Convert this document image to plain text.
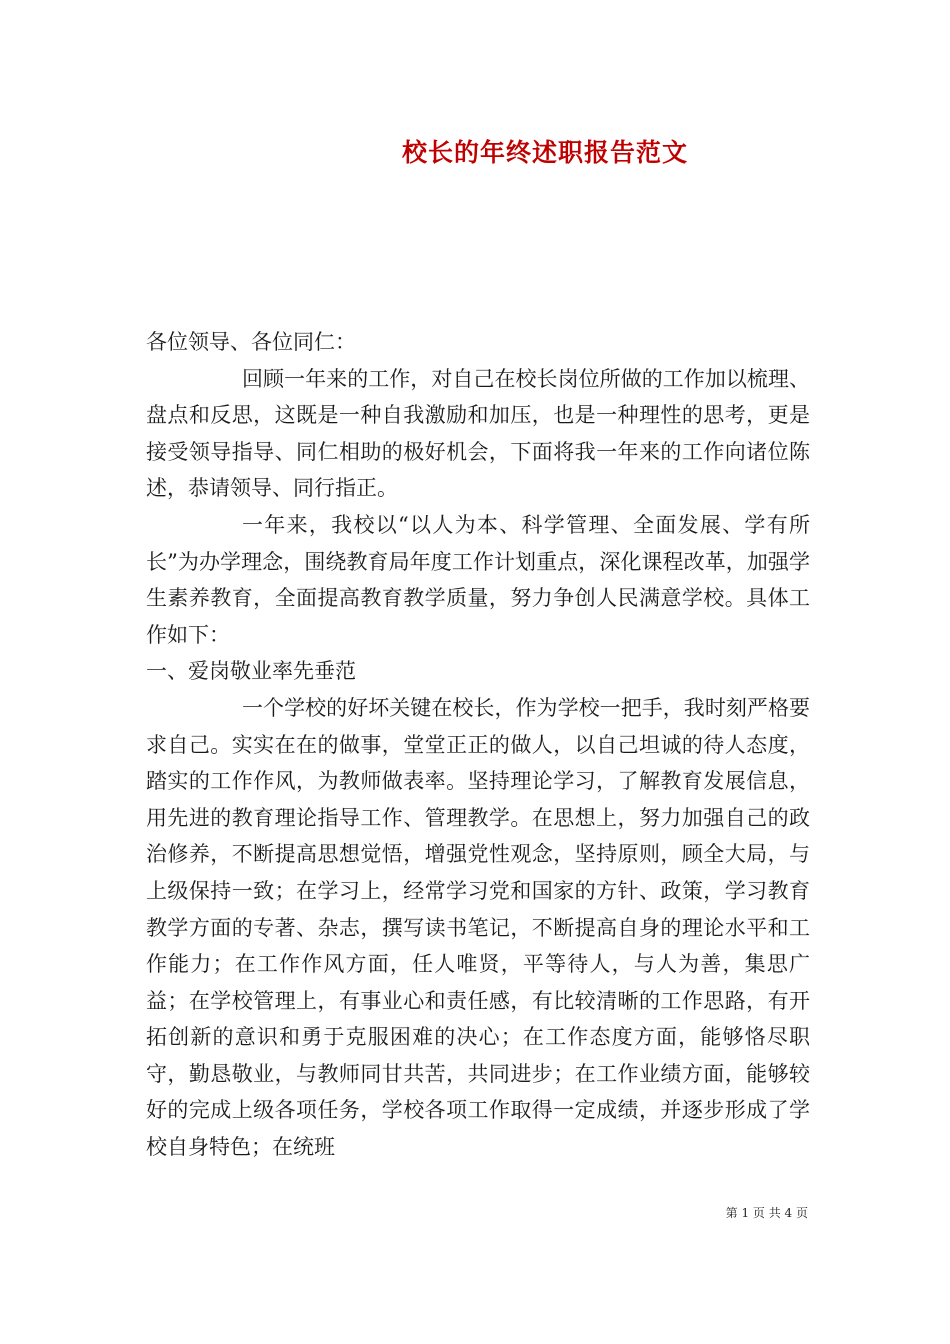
校长的年终述职报告范文

各位领导、各位同仁：

回顾一年来的工作，对自己在校长岗位所做的工作加以梳理、盘点和反思，这既是一种自我激励和加压，也是一种理性的思考，更是接受领导指导、同仁相助的极好机会，下面将我一年来的工作向诸位陈述，恭请领导、同行指正。

一年来，我校以“以人为本、科学管理、全面发展、学有所长”为办学理念，围绕教育局年度工作计划重点，深化课程改革，加强学生素养教育，全面提高教育教学质量，努力争创人民满意学校。具体工作如下：

一、爱岗敬业率先垂范

一个学校的好坏关键在校长，作为学校一把手，我时刻严格要求自己。实实在在的做事，堂堂正正的做人，以自己坦诚的待人态度，踏实的工作作风，为教师做表率。坚持理论学习，了解教育发展信息，用先进的教育理论指导工作、管理教学。在思想上，努力加强自己的政治修养，不断提高思想觉悟，增强党性观念，坚持原则，顾全大局，与上级保持一致；在学习上，经常学习党和国家的方针、政策，学习教育教学方面的专著、杂志，撰写读书笔记，不断提高自身的理论水平和工作能力；在工作作风方面，任人唯贤，平等待人，与人为善，集思广益；在学校管理上，有事业心和责任感，有比较清晰的工作思路，有开拓创新的意识和勇于克服困难的决心；在工作态度方面，能够恪尽职守，勤恳敬业，与教师同甘共苦，共同进步；在工作业绩方面，能够较好的完成上级各项任务，学校各项工作取得一定成绩，并逐步形成了学校自身特色；在统班

第 1 页 共 4 页
